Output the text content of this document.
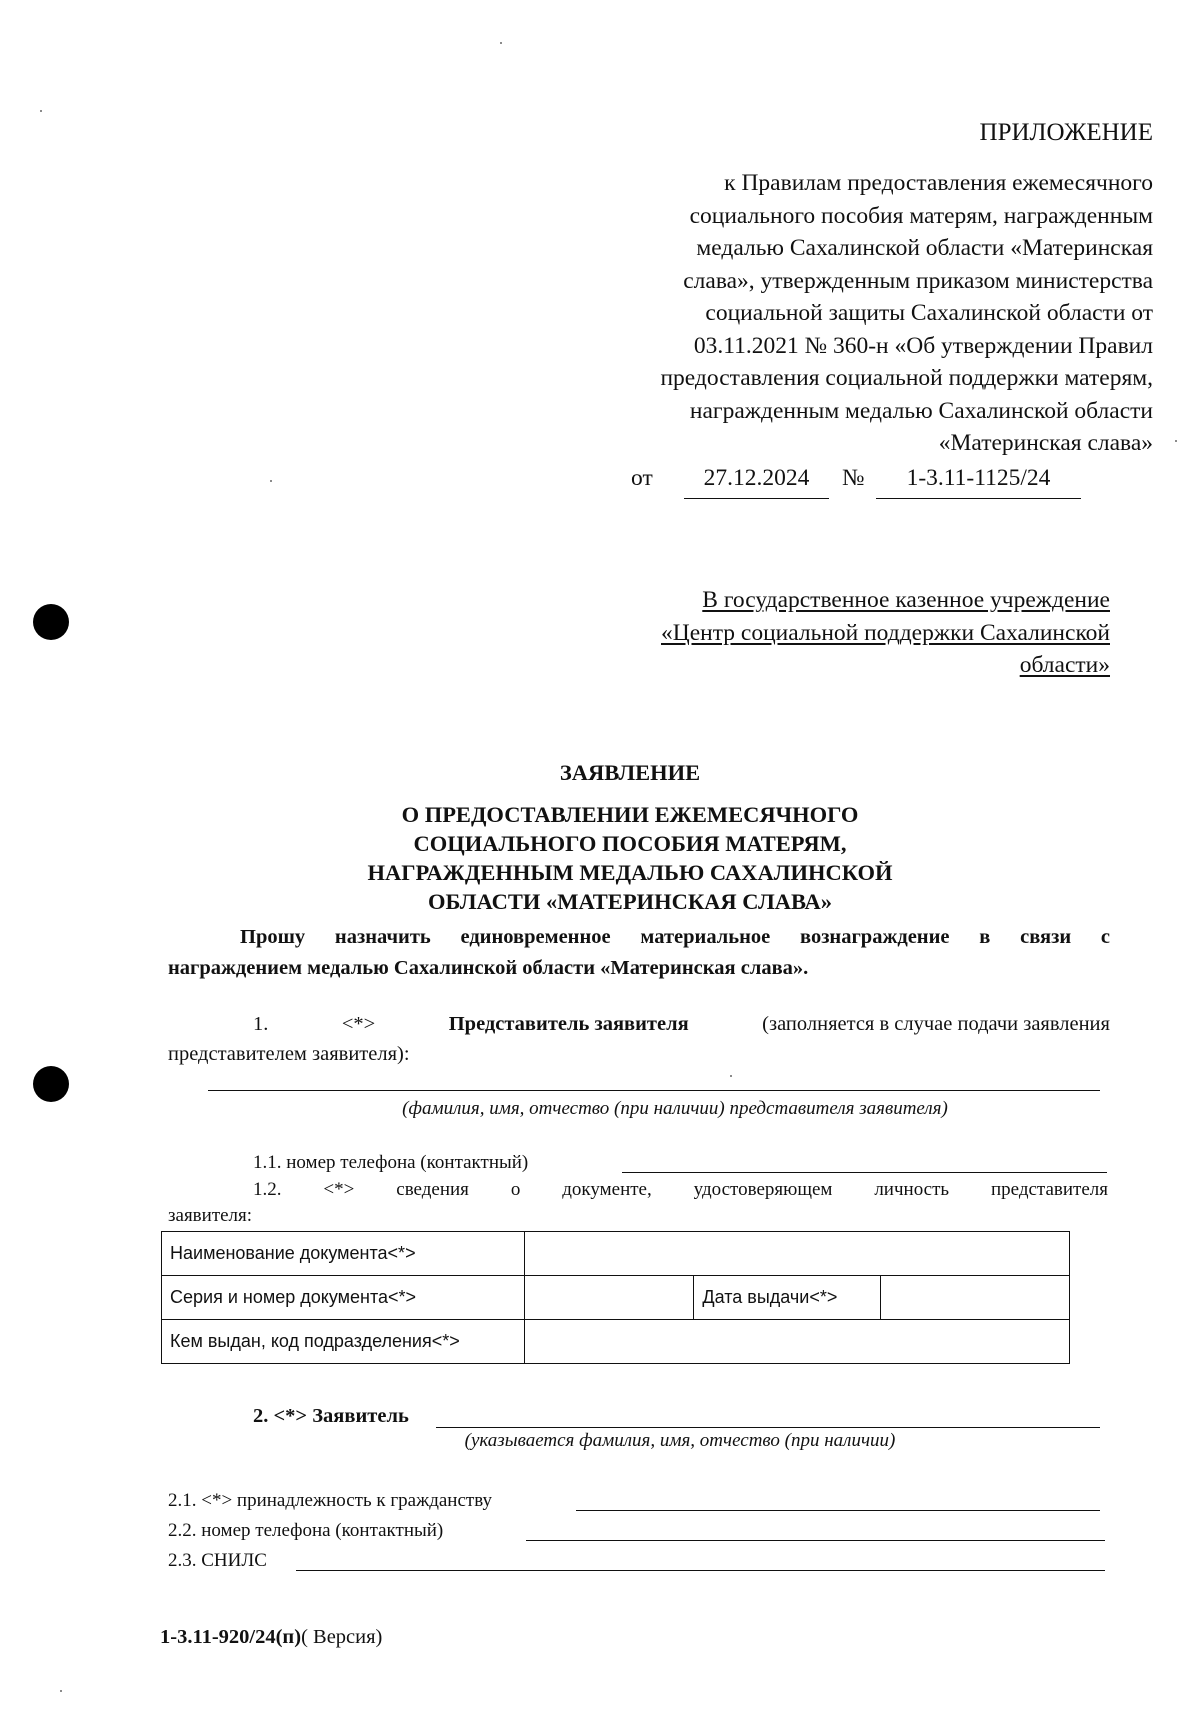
ПРИЛОЖЕНИЕ
к Правилам предоставления ежемесячного
социального пособия матерям, награжденным
медалью Сахалинской области «Материнская
слава», утвержденным приказом министерства
социальной защиты Сахалинской области от
03.11.2021 № 360-н «Об утверждении Правил
предоставления социальной поддержки матерям,
награжденным медалью Сахалинской области
«Материнская слава»
от	27.12.2024	№	1-3.11-1125/24
В государственное казенное учреждение
«Центр социальной поддержки Сахалинской
области»
ЗАЯВЛЕНИЕ
О ПРЕДОСТАВЛЕНИИ ЕЖЕМЕСЯЧНОГО
СОЦИАЛЬНОГО ПОСОБИЯ МАТЕРЯМ,
НАГРАЖДЕННЫМ МЕДАЛЬЮ САХАЛИНСКОЙ
ОБЛАСТИ «МАТЕРИНСКАЯ СЛАВА»
Прошу назначить единовременное материальное вознаграждение в связи с
награждением медалью Сахалинской области «Материнская слава».
1.	<*>	Представитель заявителя	(заполняется в случае подачи заявления
представителем заявителя):
(фамилия, имя, отчество (при наличии) представителя заявителя)
1.1. номер телефона (контактный)
1.2.   <*>   сведения   о   документе,   удостоверяющем   личность   представителя
заявителя:
Наименование документа<*>			
Серия и номер документа<*>		Дата выдачи<*>	
Кем выдан, код подразделения<*>			
2. <*> Заявитель
(указывается фамилия, имя, отчество (при наличии)
2.1. <*> принадлежность к гражданству
2.2. номер телефона (контактный)
2.3. СНИЛС
1-3.11-920/24(п)( Версия)
